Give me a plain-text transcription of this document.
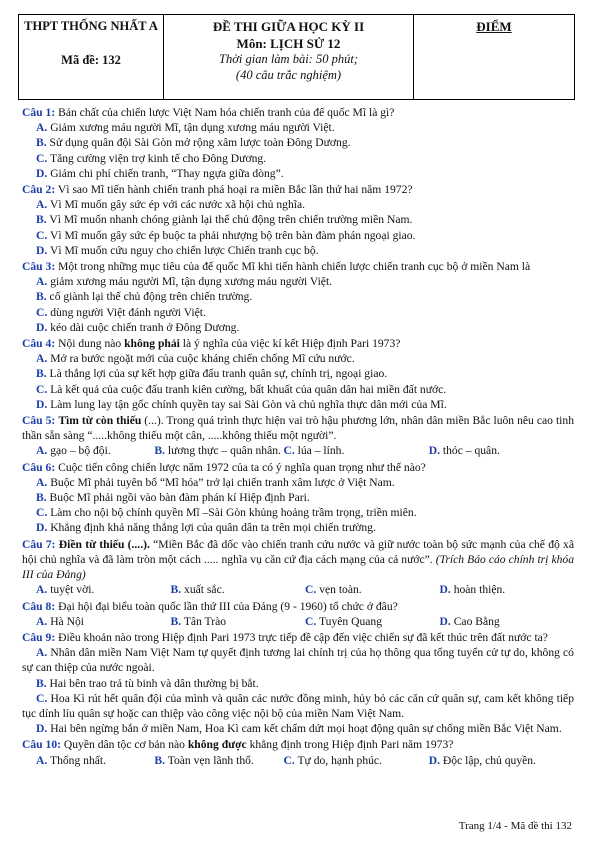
THPT THỐNG NHẤT A
Mã đề: 132
ĐỀ THI GIỮA HỌC KỲ II
Môn: LỊCH SỬ 12
Thời gian làm bài: 50 phút;
(40 câu trắc nghiệm)
ĐIỂM
Câu 1: Bản chất của chiến lược Việt Nam hóa chiến tranh của đế quốc Mĩ là gì?
A. Giảm xương máu người Mĩ, tận dụng xương máu người Việt.
B. Sử dụng quân đội Sài Gòn mở rộng xâm lược toàn Đông Dương.
C. Tăng cường viện trợ kinh tế cho Đông Dương.
D. Giảm chi phí chiến tranh, “Thay ngựa giữa dòng”.
Câu 2: Vì sao Mĩ tiến hành chiến tranh phá hoại ra miền Bắc lần thứ hai năm 1972?
A. Vì Mĩ muốn gây sức ép với các nước xã hội chủ nghĩa.
B. Vì Mĩ muốn nhanh chóng giành lại thế chủ động trên chiến trường miền Nam.
C. Vì Mĩ muốn gây sức ép buộc ta phải nhượng bộ trên bàn đàm phán ngoại giao.
D. Vì Mĩ muốn cứu nguy cho chiến lược Chiến tranh cục bộ.
Câu 3: Một trong những mục tiêu của đế quốc Mĩ khi tiến hành chiến lược chiến tranh cục bộ ở miền Nam là
A. giảm xương máu người Mĩ, tận dụng xương máu người Việt.
B. cố giành lại thế chủ động trên chiến trường.
C. dùng người Việt đánh người Việt.
D. kéo dài cuộc chiến tranh ở Đông Dương.
Câu 4: Nội dung nào không phải là ý nghĩa của việc kí kết Hiệp định Pari 1973?
A. Mở ra bước ngoặt mới của cuộc kháng chiến chống Mĩ cứu nước.
B. Là thắng lợi của sự kết hợp giữa đấu tranh quân sự, chính trị, ngoại giao.
C. Là kết quả của cuộc đấu tranh kiên cường, bất khuất của quân dân hai miền đất nước.
D. Làm lung lay tận gốc chính quyền tay sai Sài Gòn và chủ nghĩa thực dân mới của Mĩ.
Câu 5: Tìm từ còn thiếu (...). Trong quá trình thực hiện vai trò hậu phương lớn, nhân dân miền Bắc luôn nêu cao tinh thần sẵn sàng “.....không thiếu một cân, .....không thiếu một người”.
A. gạo – bộ đội.	B. lương thực – quân nhân. C. lúa – lính.	D. thóc – quân.
Câu 6: Cuộc tiến công chiến lược năm 1972 của ta có ý nghĩa quan trọng như thế nào?
A. Buộc Mĩ phải tuyên bố “Mĩ hóa” trở lại chiến tranh xâm lược ở Việt Nam.
B. Buộc Mĩ phải ngồi vào bàn đàm phán kí Hiệp định Pari.
C. Làm cho nội bộ chính quyền Mĩ –Sài Gòn khủng hoảng trầm trọng, triền miên.
D. Khẳng định khả năng thắng lợi của quân dân ta trên mọi chiến trường.
Câu 7: Điền từ thiếu (....). “Miền Bắc đã dốc vào chiến tranh cứu nước và giữ nước toàn bộ sức mạnh của chế độ xã hội chủ nghĩa và đã làm tròn một cách ..... nghĩa vụ căn cứ địa cách mạng của cả nước”. (Trích Báo cáo chính trị khóa III của Đảng)
A. tuyệt vời.	B. xuất sắc.	C. vẹn toàn.	D. hoàn thiện.
Câu 8: Đại hội đại biểu toàn quốc lần thứ III của Đảng (9 - 1960) tổ chức ở đâu?
A. Hà Nội	B. Tân Trào	C. Tuyên Quang	D. Cao Bằng
Câu 9: Điều khoản nào trong Hiệp định Pari 1973 trực tiếp đề cập đến việc chiến sự đã kết thúc trên đất nước ta?
A. Nhân dân miền Nam Việt Nam tự quyết định tương lai chính trị của họ thông qua tổng tuyển cử tự do, không có sự can thiệp của nước ngoài.
B. Hai bên trao trả tù binh và dân thường bị bắt.
C. Hoa Kì rút hết quân đội của mình và quân các nước đồng minh, hủy bỏ các căn cứ quân sự, cam kết không tiếp tục dính líu quân sự hoặc can thiệp vào công việc nội bộ của miền Nam Việt Nam.
D. Hai bên ngừng bắn ở miền Nam, Hoa Kì cam kết chấm dứt mọi hoạt động quân sự chống miền Bắc Việt Nam.
Câu 10: Quyền dân tộc cơ bản nào không được khẳng định trong Hiệp định Pari năm 1973?
A. Thống nhất.	B. Toàn vẹn lãnh thổ.	C. Tự do, hạnh phúc.	D. Độc lập, chủ quyền.
Trang 1/4 - Mã đề thi 132
